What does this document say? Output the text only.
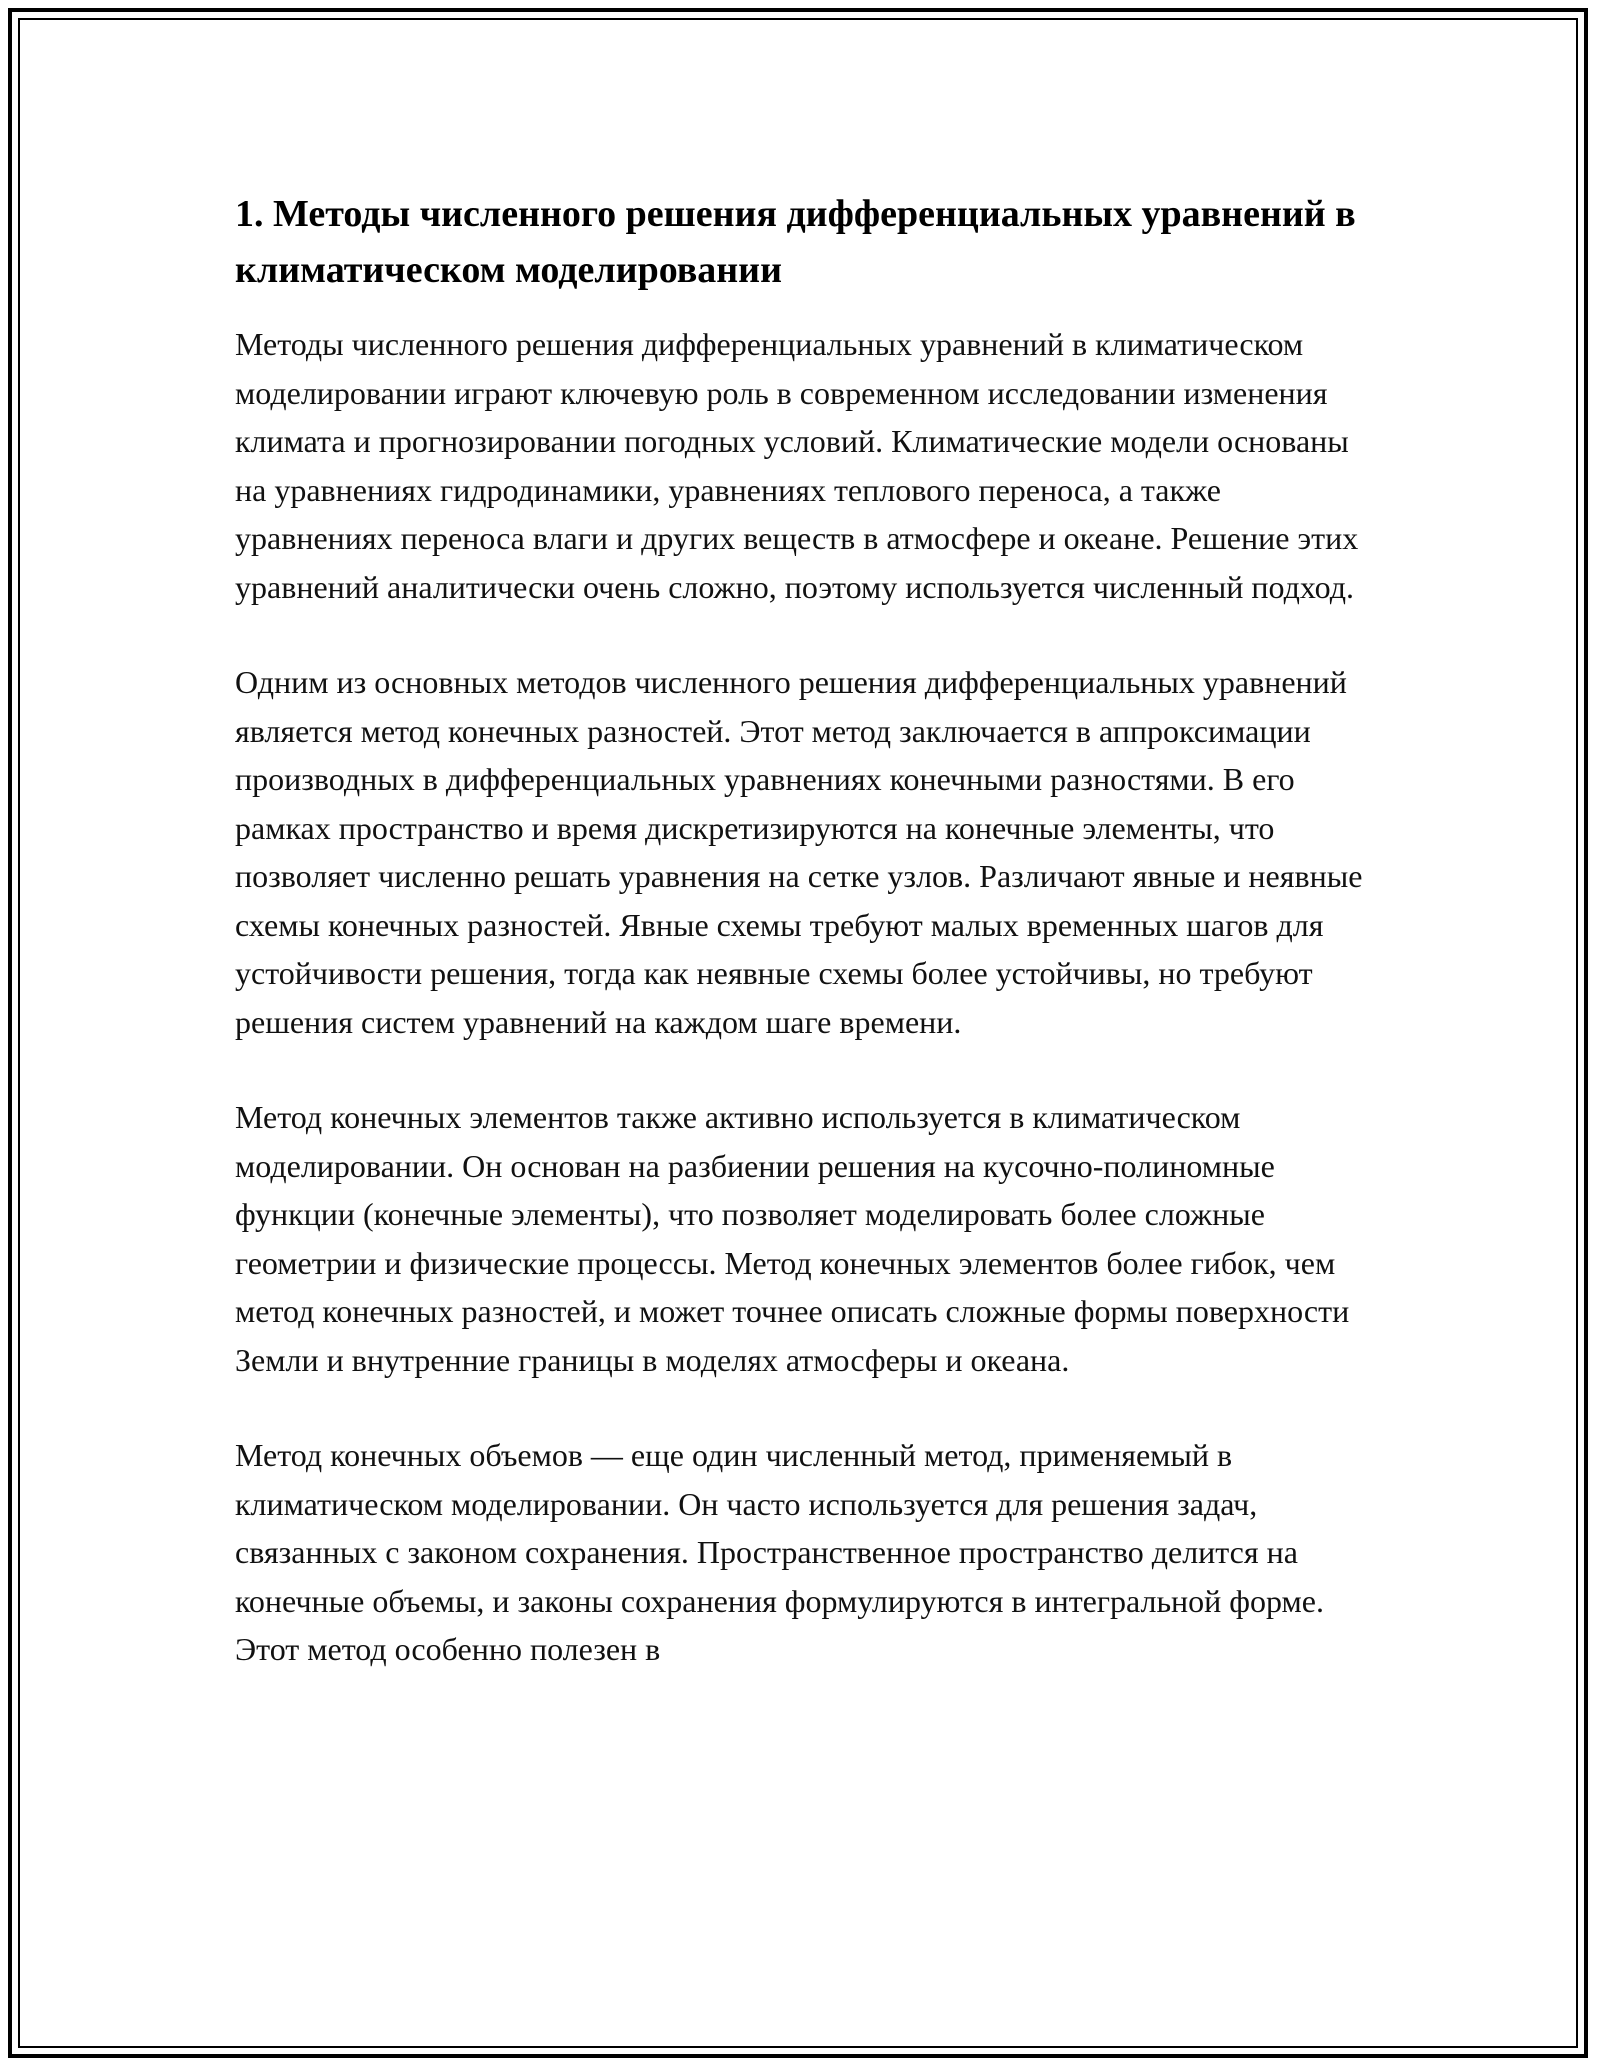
1. Методы численного решения дифференциальных уравнений в климатическом моделировании

Методы численного решения дифференциальных уравнений в климатическом моделировании играют ключевую роль в современном исследовании изменения климата и прогнозировании погодных условий. Климатические модели основаны на уравнениях гидродинамики, уравнениях теплового переноса, а также уравнениях переноса влаги и других веществ в атмосфере и океане. Решение этих уравнений аналитически очень сложно, поэтому используется численный подход.

Одним из основных методов численного решения дифференциальных уравнений является метод конечных разностей. Этот метод заключается в аппроксимации производных в дифференциальных уравнениях конечными разностями. В его рамках пространство и время дискретизируются на конечные элементы, что позволяет численно решать уравнения на сетке узлов. Различают явные и неявные схемы конечных разностей. Явные схемы требуют малых временных шагов для устойчивости решения, тогда как неявные схемы более устойчивы, но требуют решения систем уравнений на каждом шаге времени.

Метод конечных элементов также активно используется в климатическом моделировании. Он основан на разбиении решения на кусочно-полиномные функции (конечные элементы), что позволяет моделировать более сложные геометрии и физические процессы. Метод конечных элементов более гибок, чем метод конечных разностей, и может точнее описать сложные формы поверхности Земли и внутренние границы в моделях атмосферы и океана.

Метод конечных объемов — еще один численный метод, применяемый в климатическом моделировании. Он часто используется для решения задач, связанных с законом сохранения. Пространственное пространство делится на конечные объемы, и законы сохранения формулируются в интегральной форме. Этот метод особенно полезен в
